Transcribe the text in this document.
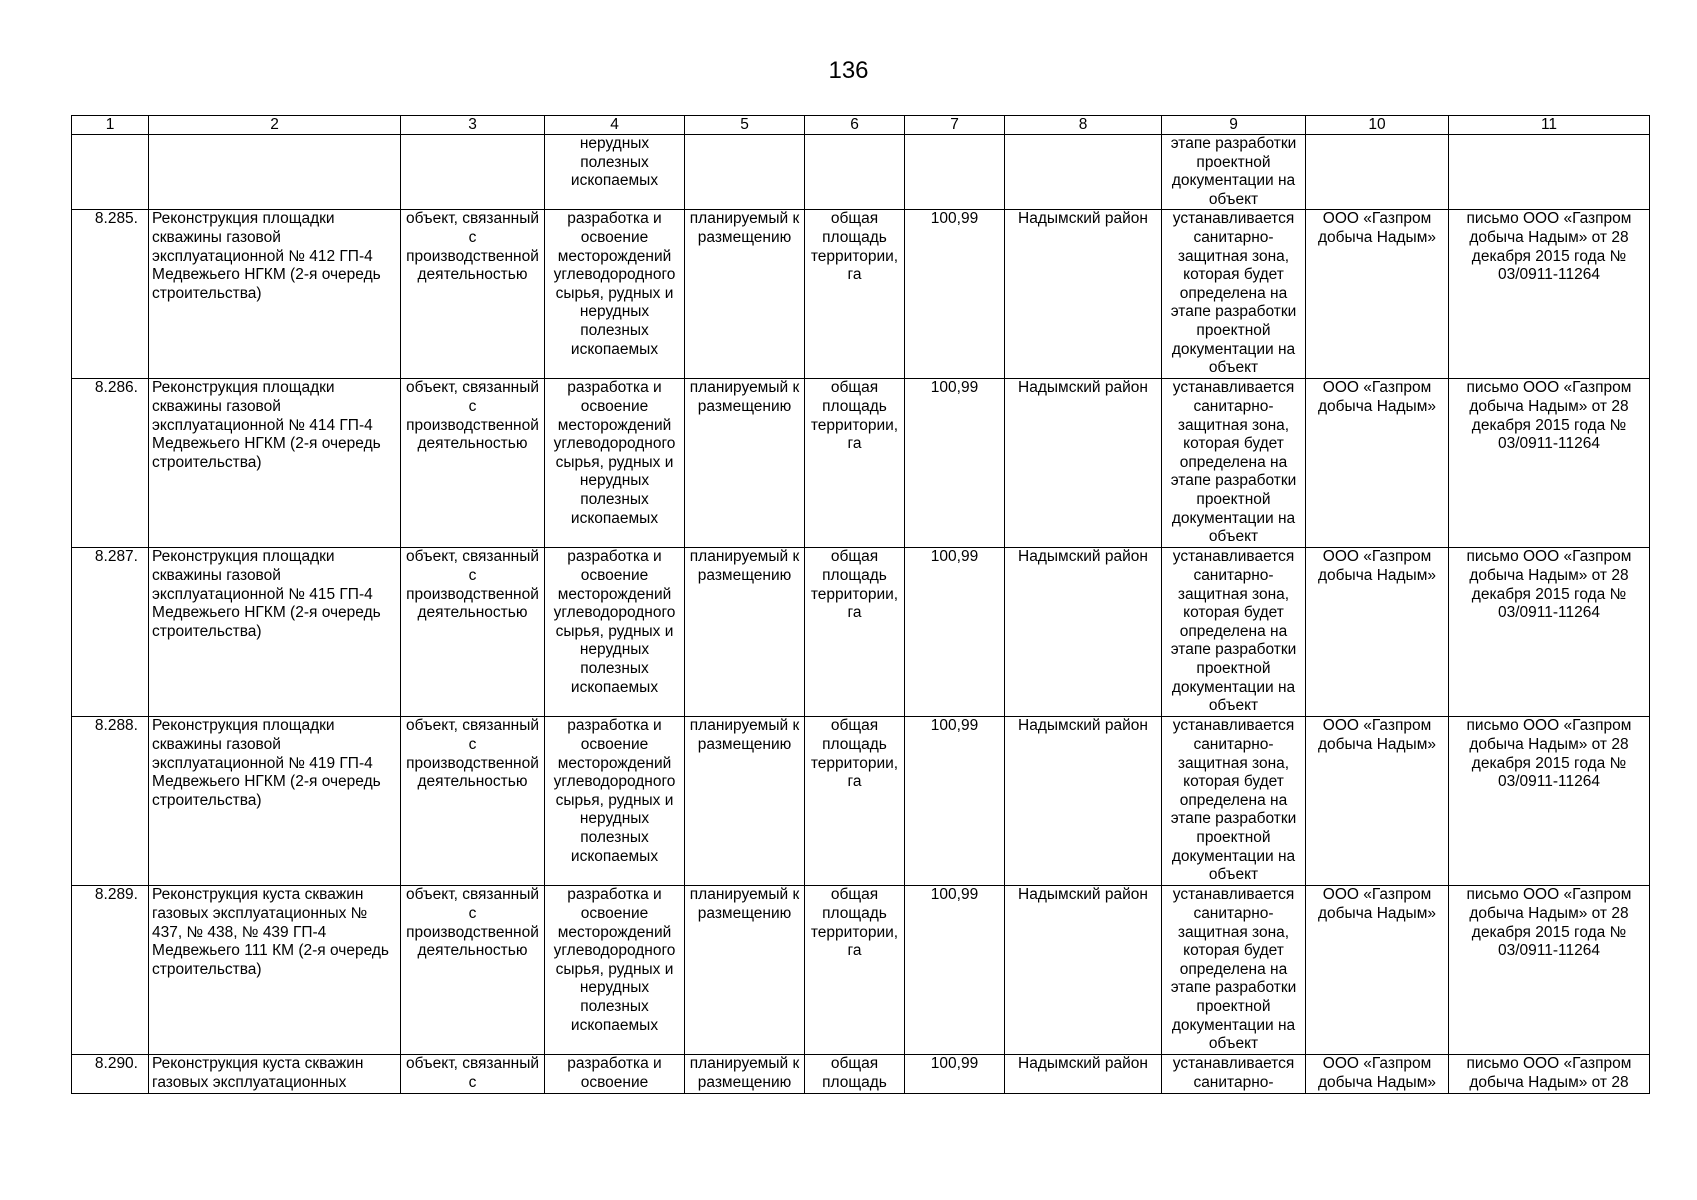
136
1	2	3	4	5	6	7	8	9	10	11
			нерудных полезных ископаемых					этапе разработки проектной документации на объект		
8.285.	Реконструкция площадки скважины газовой эксплуатационной № 412 ГП-4 Медвежьего НГКМ (2-я очередь строительства)	объект, связанный с производственной деятельностью	разработка и освоение месторождений углеводородного сырья, рудных и нерудных полезных ископаемых	планируемый к размещению	общая площадь территории, га	100,99	Надымский район	устанавливается санитарно-защитная зона, которая будет определена на этапе разработки проектной документации на объект	ООО «Газпром добыча Надым»	письмо ООО «Газпром добыча Надым» от 28 декабря 2015 года № 03/0911-11264
8.286.	Реконструкция площадки скважины газовой эксплуатационной № 414 ГП-4 Медвежьего НГКМ (2-я очередь строительства)	объект, связанный с производственной деятельностью	разработка и освоение месторождений углеводородного сырья, рудных и нерудных полезных ископаемых	планируемый к размещению	общая площадь территории, га	100,99	Надымский район	устанавливается санитарно-защитная зона, которая будет определена на этапе разработки проектной документации на объект	ООО «Газпром добыча Надым»	письмо ООО «Газпром добыча Надым» от 28 декабря 2015 года № 03/0911-11264
8.287.	Реконструкция площадки скважины газовой эксплуатационной № 415 ГП-4 Медвежьего НГКМ (2-я очередь строительства)	объект, связанный с производственной деятельностью	разработка и освоение месторождений углеводородного сырья, рудных и нерудных полезных ископаемых	планируемый к размещению	общая площадь территории, га	100,99	Надымский район	устанавливается санитарно-защитная зона, которая будет определена на этапе разработки проектной документации на объект	ООО «Газпром добыча Надым»	письмо ООО «Газпром добыча Надым» от 28 декабря 2015 года № 03/0911-11264
8.288.	Реконструкция площадки скважины газовой эксплуатационной № 419 ГП-4 Медвежьего НГКМ (2-я очередь строительства)	объект, связанный с производственной деятельностью	разработка и освоение месторождений углеводородного сырья, рудных и нерудных полезных ископаемых	планируемый к размещению	общая площадь территории, га	100,99	Надымский район	устанавливается санитарно-защитная зона, которая будет определена на этапе разработки проектной документации на объект	ООО «Газпром добыча Надым»	письмо ООО «Газпром добыча Надым» от 28 декабря 2015 года № 03/0911-11264
8.289.	Реконструкция куста скважин газовых эксплуатационных № 437, № 438, № 439 ГП-4 Медвежьего 111 КМ (2-я очередь строительства)	объект, связанный с производственной деятельностью	разработка и освоение месторождений углеводородного сырья, рудных и нерудных полезных ископаемых	планируемый к размещению	общая площадь территории, га	100,99	Надымский район	устанавливается санитарно-защитная зона, которая будет определена на этапе разработки проектной документации на объект	ООО «Газпром добыча Надым»	письмо ООО «Газпром добыча Надым» от 28 декабря 2015 года № 03/0911-11264
8.290.	Реконструкция куста скважин газовых эксплуатационных	объект, связанный с	разработка и освоение	планируемый к размещению	общая площадь	100,99	Надымский район	устанавливается санитарно-	ООО «Газпром добыча Надым»	письмо ООО «Газпром добыча Надым» от 28
